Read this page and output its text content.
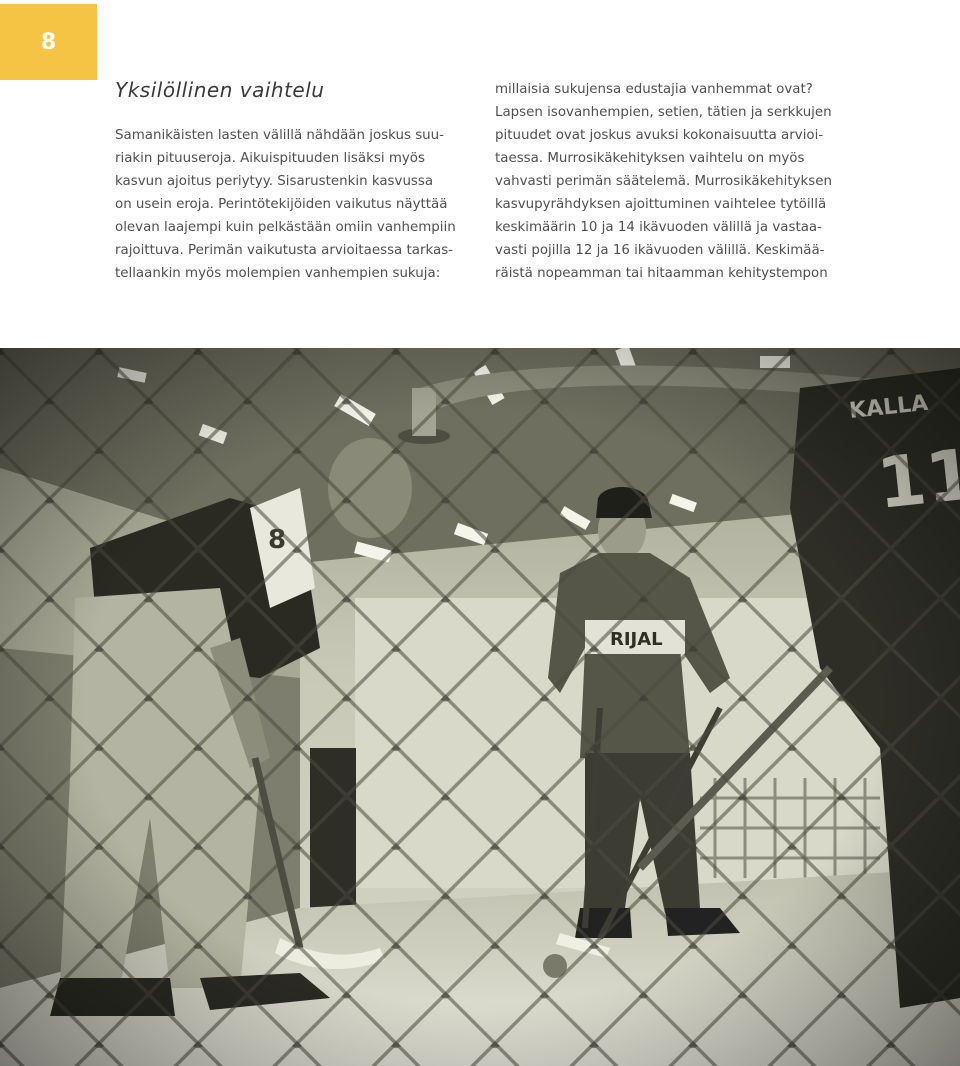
8
Yksilöllinen vaihtelu
Samanikäisten lasten välillä nähdään joskus suu-
riakin pituuseroja. Aikuispituuden lisäksi myös
kasvun ajoitus periytyy. Sisarustenkin kasvussa
on usein eroja. Perintötekijöiden vaikutus näyttää
olevan laajempi kuin pelkästään omiin vanhempiin
rajoittuva. Perimän vaikutusta arvioitaessa tarkas-
tellaankin myös molempien vanhempien sukuja:
millaisia sukujensa edustajia vanhemmat ovat?
Lapsen isovanhempien, setien, tätien ja serkkujen
pituudet ovat joskus avuksi kokonaisuutta arvioi-
taessa. Murrosikäkehityksen vaihtelu on myös
vahvasti perimän säätelemä. Murrosikäkehityksen
kasvupyrähdyksen ajoittuminen vaihtelee tytöillä
keskimäärin 10 ja 14 ikävuoden välillä ja vastaa-
vasti pojilla 12 ja 16 ikävuoden välillä. Keskimää-
räistä nopeamman tai hitaamman kehitystempon
